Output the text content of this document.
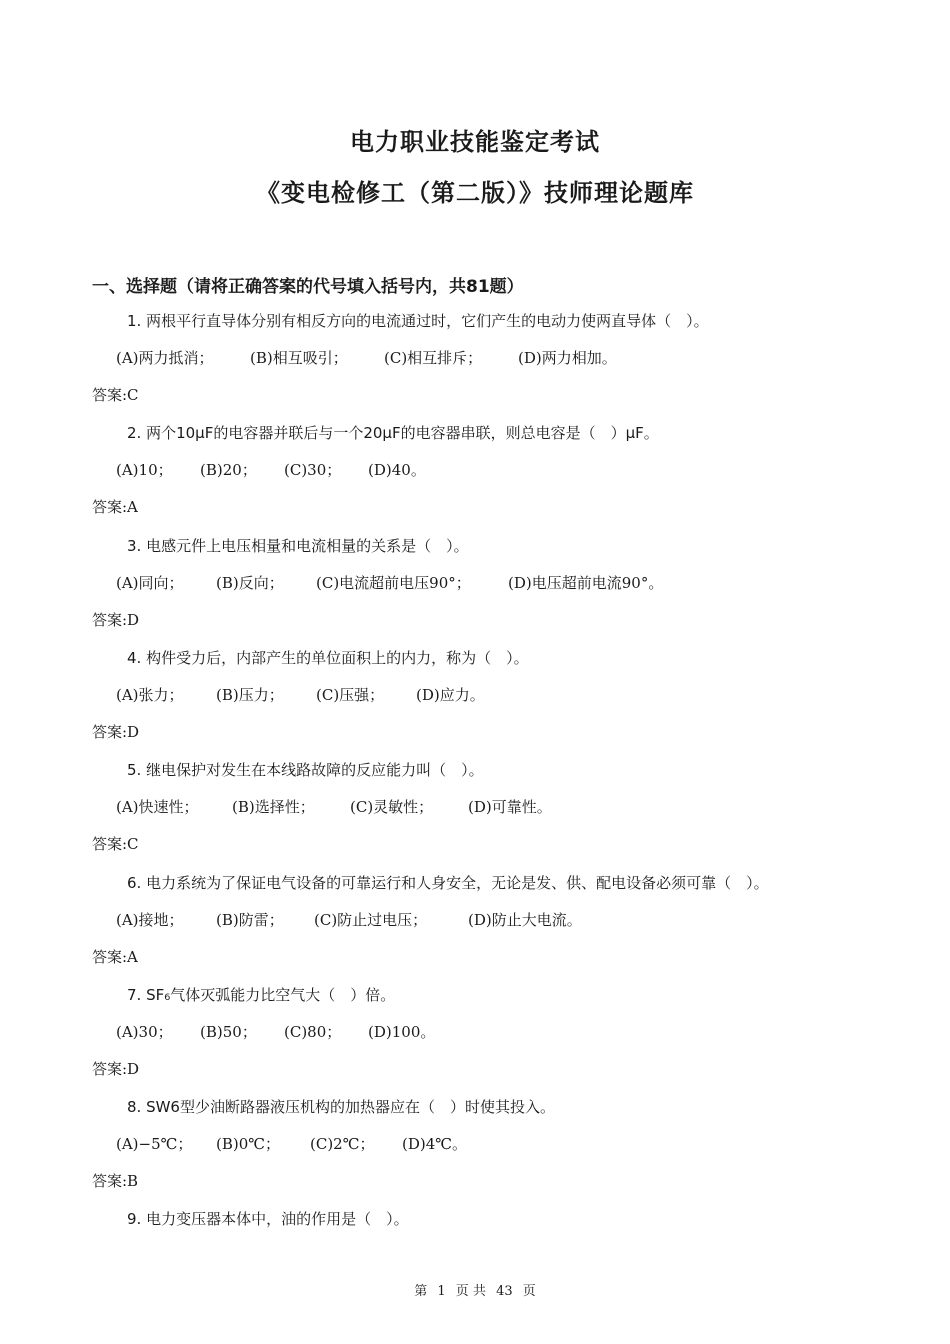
电力职业技能鉴定考试
《变电检修工（第二版）》技师理论题库
一、选择题（请将正确答案的代号填入括号内，共81题）
1. 两根平行直导体分别有相反方向的电流通过时，它们产生的电动力使两直导体（　）。
(A)两力抵消； (B)相互吸引； (C)相互排斥； (D)两力相加。
答案:C
2. 两个10μF的电容器并联后与一个20μF的电容器串联，则总电容是（　）μF。
(A)10； (B)20； (C)30； (D)40。
答案:A
3. 电感元件上电压相量和电流相量的关系是（　）。
(A)同向； (B)反向； (C)电流超前电压90°； (D)电压超前电流90°。
答案:D
4. 构件受力后，内部产生的单位面积上的内力，称为（　）。
(A)张力； (B)压力； (C)压强； (D)应力。
答案:D
5. 继电保护对发生在本线路故障的反应能力叫（　）。
(A)快速性； (B)选择性； (C)灵敏性； (D)可靠性。
答案:C
6. 电力系统为了保证电气设备的可靠运行和人身安全，无论是发、供、配电设备必须可靠（　）。
(A)接地； (B)防雷； (C)防止过电压；	(D)防止大电流。
答案:A
7. SF₆气体灭弧能力比空气大（　）倍。
(A)30； (B)50； (C)80； (D)100。
答案:D
8. SW6型少油断路器液压机构的加热器应在（　）时使其投入。
(A)−5℃； (B)0℃； (C)2℃； (D)4℃。
答案:B
9. 电力变压器本体中，油的作用是（　）。
第 1 页 共 43 页
